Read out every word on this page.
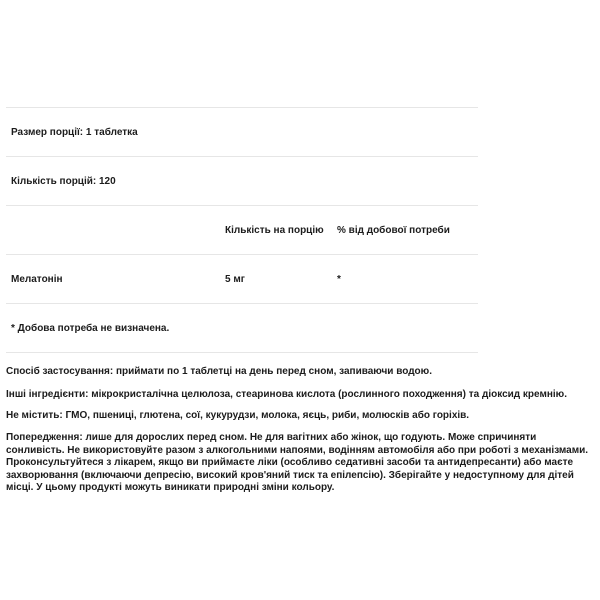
Размер порції: 1 таблетка
Кількість порцій: 120
Кількість на порцію % від добової потреби
Мелатонін	5 мг	*
* Добова потреба не визначена.

Спосіб застосування: приймати по 1 таблетці на день перед сном, запиваючи водою.

Інші інгредієнти: мікрокристалічна целюлоза, стеаринова кислота (рослинного походження) та діоксид кремнію.

Не містить: ГМО, пшениці, глютена, сої, кукурудзи, молока, яєць, риби, молюсків або горіхів.

Попередження: лише для дорослих перед сном. Не для вагітних або жінок, що годують. Може спричиняти сонливість. Не використовуйте разом з алкогольними напоями, водінням автомобіля або при роботі з механізмами. Проконсультуйтеся з лікарем, якщо ви приймаєте ліки (особливо седативні засоби та антидепресанти) або маєте захворювання (включаючи депресію, високий кров'яний тиск та епілепсію). Зберігайте у недоступному для дітей місці. У цьому продукті можуть виникати природні зміни кольору.
